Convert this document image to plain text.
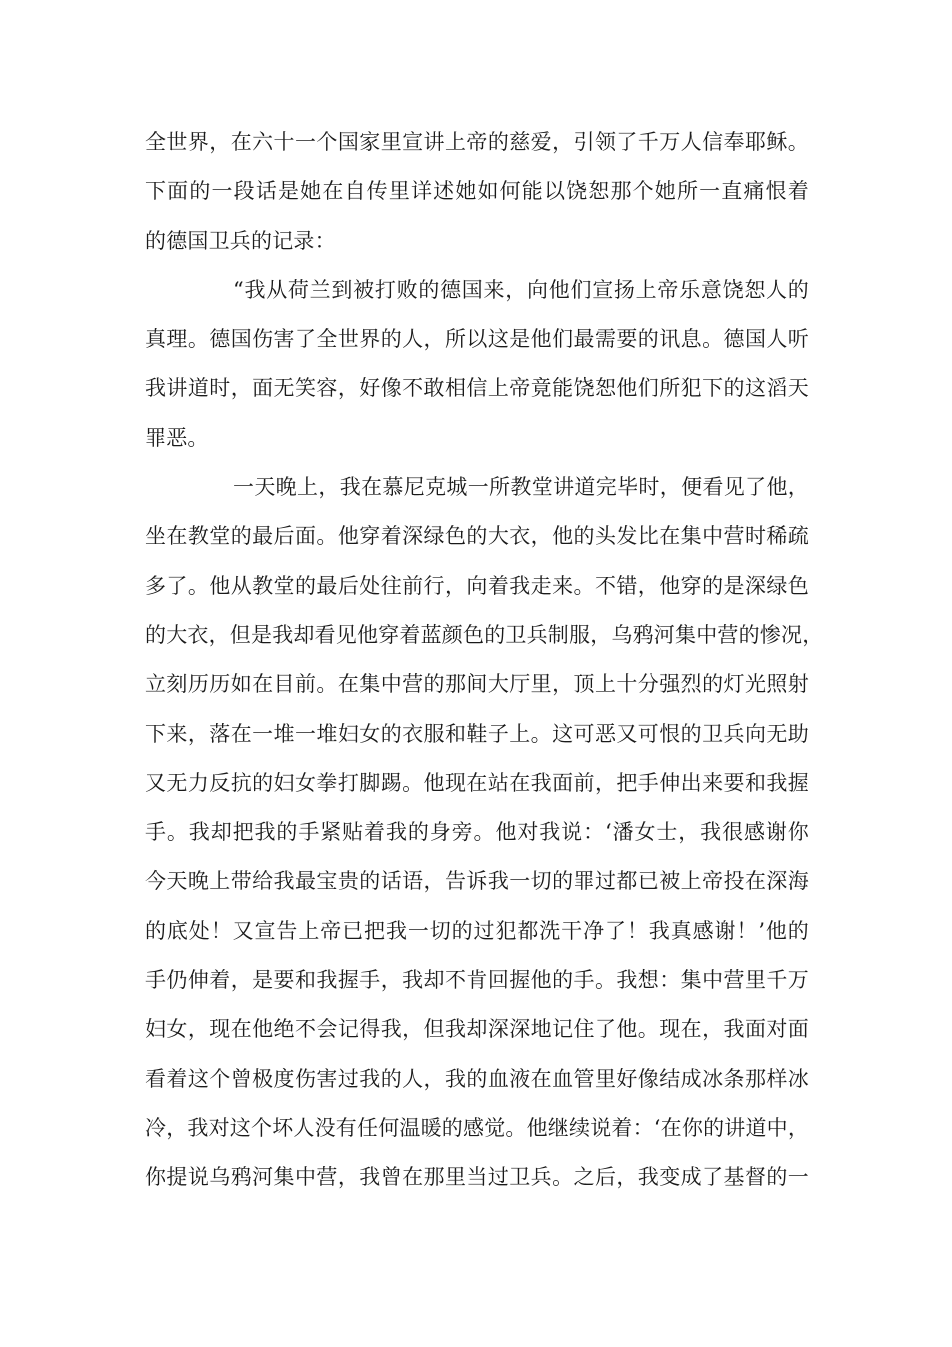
全世界，在六十一个国家里宣讲上帝的慈爱，引领了千万人信奉耶稣。
下面的一段话是她在自传里详述她如何能以饶恕那个她所一直痛恨着
的德国卫兵的记录：
“我从荷兰到被打败的德国来，向他们宣扬上帝乐意饶恕人的
真理。德国伤害了全世界的人，所以这是他们最需要的讯息。德国人听
我讲道时，面无笑容，好像不敢相信上帝竟能饶恕他们所犯下的这滔天
罪恶。
一天晚上，我在慕尼克城一所教堂讲道完毕时，便看见了他，
坐在教堂的最后面。他穿着深绿色的大衣，他的头发比在集中营时稀疏
多了。他从教堂的最后处往前行，向着我走来。不错，他穿的是深绿色
的大衣，但是我却看见他穿着蓝颜色的卫兵制服，乌鸦河集中营的惨况，
立刻历历如在目前。在集中营的那间大厅里，顶上十分强烈的灯光照射
下来，落在一堆一堆妇女的衣服和鞋子上。这可恶又可恨的卫兵向无助
又无力反抗的妇女拳打脚踢。他现在站在我面前，把手伸出来要和我握
手。我却把我的手紧贴着我的身旁。他对我说：‘潘女士，我很感谢你
今天晚上带给我最宝贵的话语，告诉我一切的罪过都已被上帝投在深海
的底处！又宣告上帝已把我一切的过犯都洗干净了！我真感谢！’他的
手仍伸着，是要和我握手，我却不肯回握他的手。我想：集中营里千万
妇女，现在他绝不会记得我，但我却深深地记住了他。现在，我面对面
看着这个曾极度伤害过我的人，我的血液在血管里好像结成冰条那样冰
冷，我对这个坏人没有任何温暖的感觉。他继续说着：‘在你的讲道中，
你提说乌鸦河集中营，我曾在那里当过卫兵。之后，我变成了基督的一
